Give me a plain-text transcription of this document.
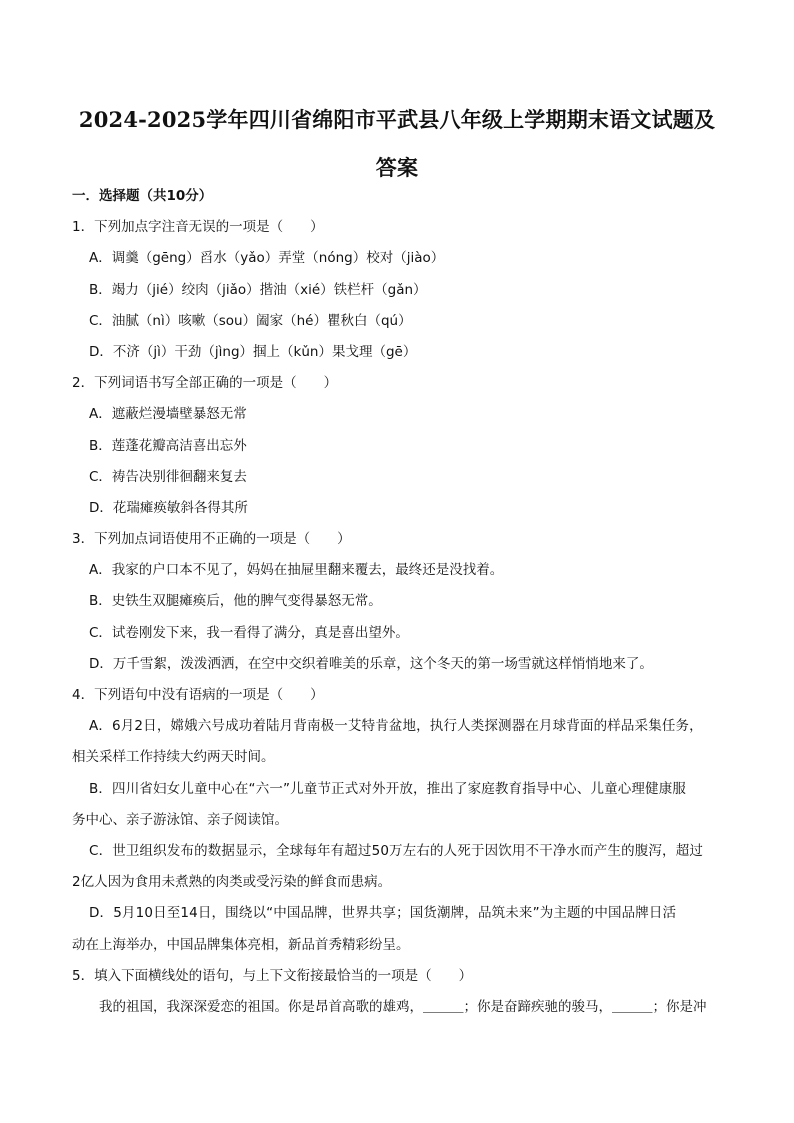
2024-2025学年四川省绵阳市平武县八年级上学期期末语文试题及答案
一．选择题（共10分）
1．下列加点字注音无误的一项是（　　）
A．调羹（gēng）舀水（yǎo）弄堂（nóng）校对（jiào）
B．竭力（jié）绞肉（jiǎo）揩油（xié）铁栏杆（gǎn）
C．油腻（nì）咳嗽（sou）阖家（hé）瞿秋白（qú）
D．不济（jì）干劲（jìng）掴上（kǔn）果戈理（gē）
2．下列词语书写全部正确的一项是（　　）
A．遮蔽烂漫墙壁暴怒无常
B．莲蓬花瓣高洁喜出忘外
C．祷告决别徘徊翻来复去
D．花瑞瘫痪敏斜各得其所
3．下列加点词语使用不正确的一项是（　　）
A．我家的户口本不见了，妈妈在抽屉里翻来覆去，最终还是没找着。
B．史铁生双腿瘫痪后，他的脾气变得暴怒无常。
C．试卷刚发下来，我一看得了满分，真是喜出望外。
D．万千雪絮，泼泼洒洒，在空中交织着唯美的乐章，这个冬天的第一场雪就这样悄悄地来了。
4．下列语句中没有语病的一项是（　　）
A．6月2日，嫦娥六号成功着陆月背南极一艾特肯盆地，执行人类探测器在月球背面的样品采集任务，
相关采样工作持续大约两天时间。
B．四川省妇女儿童中心在“六一”儿童节正式对外开放，推出了家庭教育指导中心、儿童心理健康服
务中心、亲子游泳馆、亲子阅读馆。
C．世卫组织发布的数据显示，全球每年有超过50万左右的人死于因饮用不干净水而产生的腹泻，超过
2亿人因为食用未煮熟的肉类或受污染的鲜食而患病。
D．5月10日至14日，围绕以“中国品牌，世界共享；国货潮牌，品筑未来”为主题的中国品牌日活
动在上海举办，中国品牌集体亮相，新品首秀精彩纷呈。
5．填入下面横线处的语句，与上下文衔接最恰当的一项是（　　）
我的祖国，我深深爱恋的祖国。你是昂首高歌的雄鸡，＿＿＿；你是奋蹄疾驰的骏马，＿＿＿；你是冲
